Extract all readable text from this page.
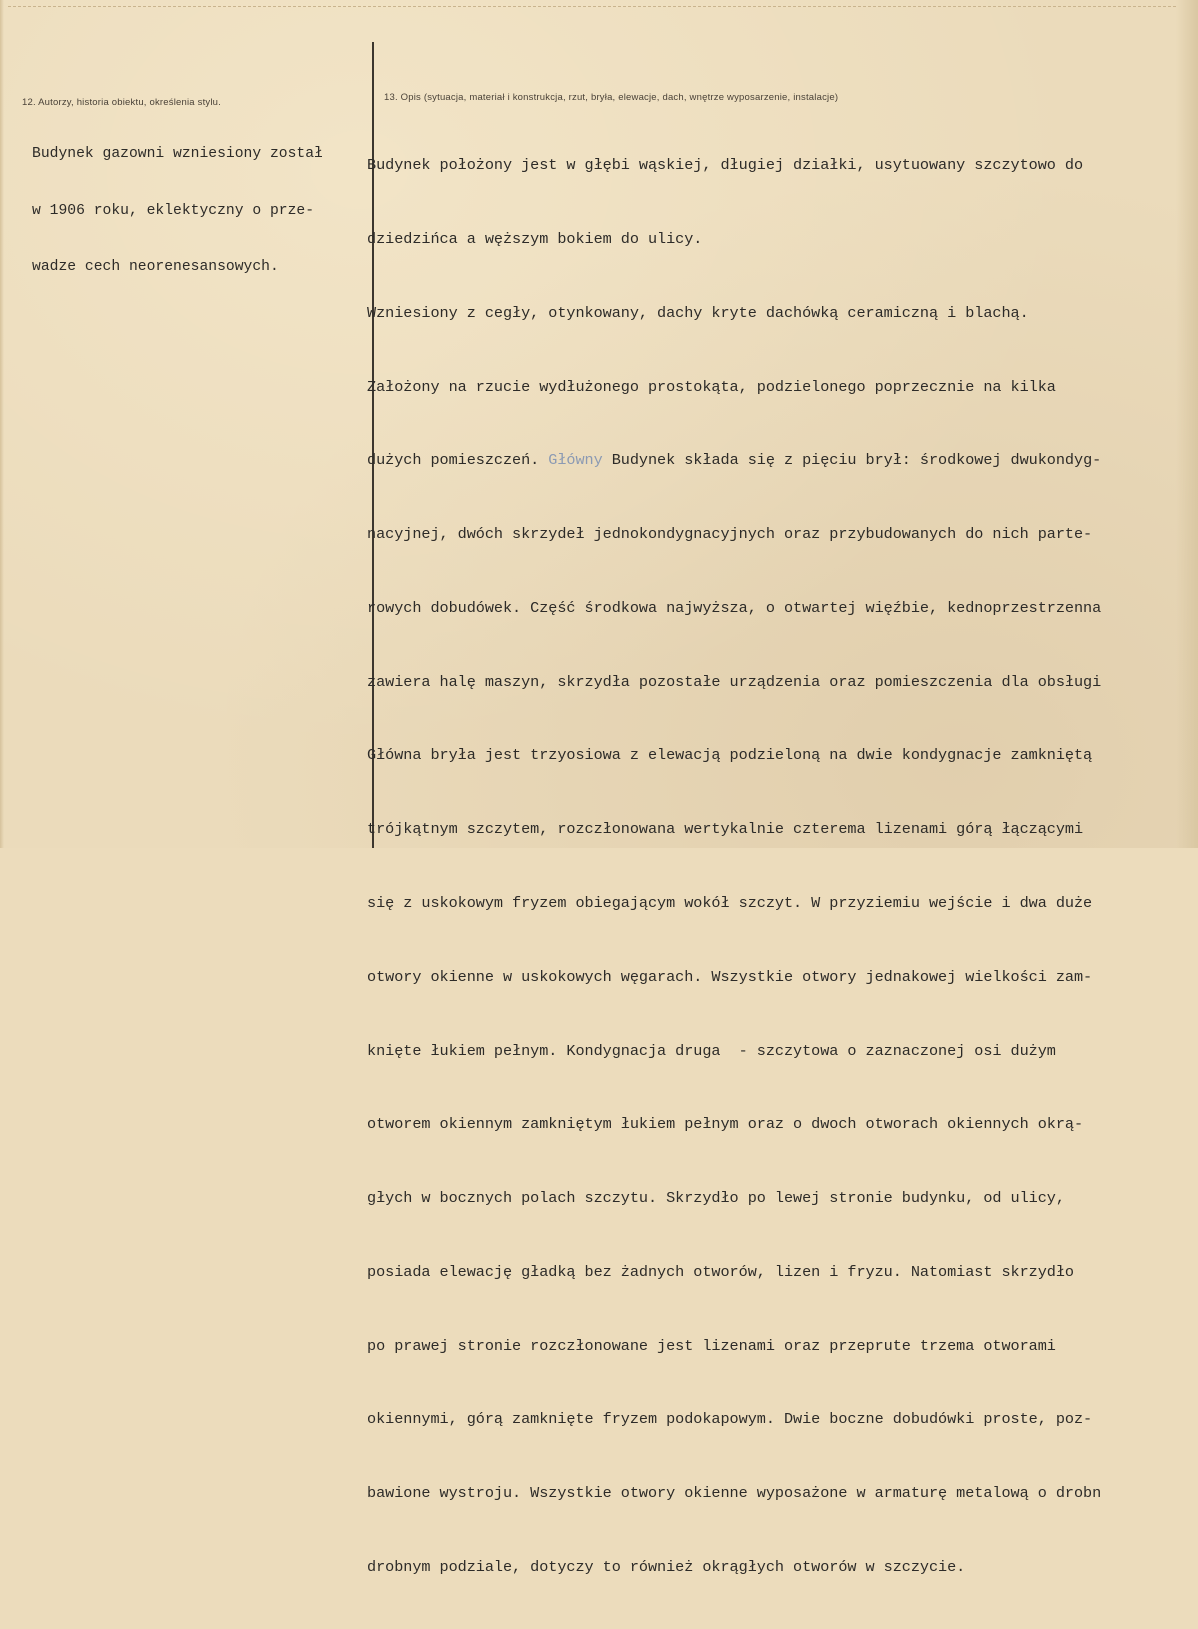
12. Autorzy, historia obiektu, określenia stylu.

Budynek gazowni wzniesiony został

w 1906 roku, eklektyczny o prze-

wadze cech neorenesansowych.

13. Opis (sytuacja, materiał i konstrukcja, rzut, bryła, elewacje, dach, wnętrze wyposarzenie, instalacje)

Budynek położony jest w głębi wąskiej, długiej działki, usytuowany szczytowo do

dziedzińca a węższym bokiem do ulicy.

Wzniesiony z cegły, otynkowany, dachy kryte dachówką ceramiczną i blachą.

Założony na rzucie wydłużonego prostokąta, podzielonego poprzecznie na kilka

dużych pomieszczeń. Główny Budynek składa się z pięciu brył: środkowej dwukondyg-

nacyjnej, dwóch skrzydeł jednokondygnacyjnych oraz przybudowanych do nich parte-

rowych dobudówek. Część środkowa najwyższa, o otwartej więźbie, kednoprzestrzenna

zawiera halę maszyn, skrzydła pozostałe urządzenia oraz pomieszczenia dla obsługi

Główna bryła jest trzyosiowa z elewacją podzieloną na dwie kondygnacje zamkniętą

trójkątnym szczytem, rozczłonowana wertykalnie czterema lizenami górą łączącymi

się z uskokowym fryzem obiegającym wokół szczyt. W przyziemiu wejście i dwa duże

otwory okienne w uskokowych węgarach. Wszystkie otwory jednakowej wielkości zam-

knięte łukiem pełnym. Kondygnacja druga  - szczytowa o zaznaczonej osi dużym

otworem okiennym zamkniętym łukiem pełnym oraz o dwoch otworach okiennych okrą-

głych w bocznych polach szczytu. Skrzydło po lewej stronie budynku, od ulicy,

posiada elewację gładką bez żadnych otworów, lizen i fryzu. Natomiast skrzydło

po prawej stronie rozczłonowane jest lizenami oraz przeprute trzema otworami

okiennymi, górą zamknięte fryzem podokapowym. Dwie boczne dobudówki proste, poz-

bawione wystroju. Wszystkie otwory okienne wyposażone w armaturę metalową o drobn

drobnym podziale, dotyczy to również okrągłych otworów w szczycie.
